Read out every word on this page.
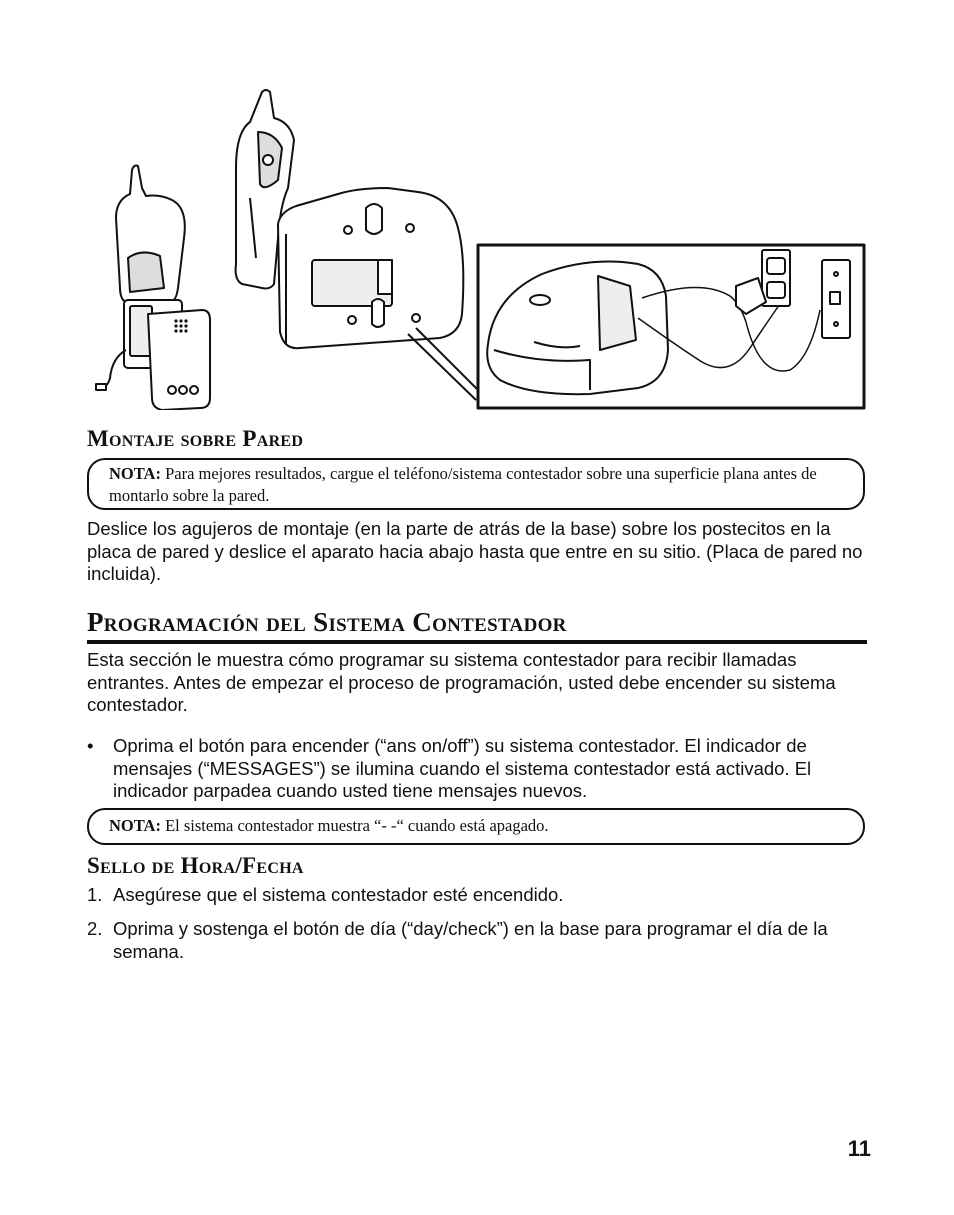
Montaje sobre Pared
NOTA: Para mejores resultados, cargue el teléfono/sistema contestador sobre una superficie plana antes de montarlo sobre la pared.

Deslice los agujeros de montaje (en la parte de atrás de la base) sobre los postecitos en la placa de pared y deslice el aparato hacia abajo hasta que entre en su sitio. (Placa de pared no incluida).

Programación del Sistema Contestador

Esta sección le muestra cómo programar su sistema contestador para recibir llamadas entrantes. Antes de empezar el proceso de programación, usted debe encender su sistema contestador.

• Oprima el botón para encender (“ans on/off”) su sistema contestador. El indicador de mensajes (“MESSAGES”) se ilumina cuando el sistema contestador está activado. El indicador parpadea cuando usted tiene mensajes nuevos.
NOTA: El sistema contestador muestra “- -“ cuando está apagado.
Sello de Hora/Fecha
1. Asegúrese que el sistema contestador esté encendido.
2. Oprima y sostenga el botón de día (“day/check”) en la base para programar el día de la semana.
11
